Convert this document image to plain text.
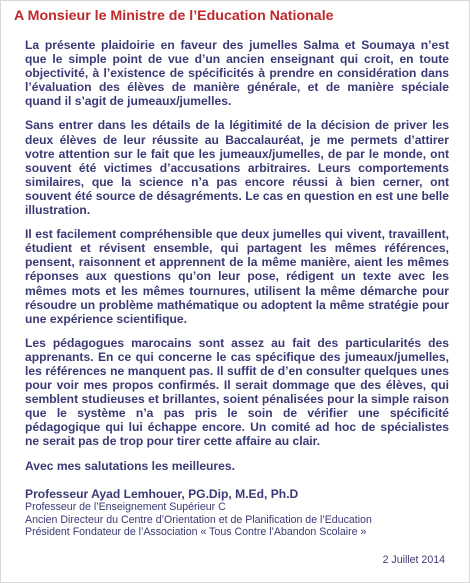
A Monsieur le Ministre de l’Education Nationale

La présente plaidoirie en faveur des jumelles Salma et Soumaya n’est que le simple point de vue d’un ancien enseignant qui croit, en toute objectivité, à l’existence de spécificités à prendre en considération dans l’évaluation des élèves de manière générale, et de manière spéciale quand il s’agit de jumeaux/jumelles.

Sans entrer dans les détails de la légitimité de la décision de priver les deux élèves de leur réussite au Baccalauréat, je me permets d’attirer votre attention sur le fait que les jumeaux/jumelles, de par le monde, ont souvent été victimes d’accusations arbitraires. Leurs comportements similaires, que la science n’a pas encore réussi à bien cerner, ont souvent été source de désagréments. Le cas en question en est une belle illustration.

Il est facilement compréhensible que deux jumelles qui vivent, travaillent, étudient et révisent ensemble, qui partagent les mêmes références, pensent, raisonnent et apprennent de la même manière, aient les mêmes réponses aux questions qu’on leur pose, rédigent un texte avec les mêmes mots et les mêmes tournures, utilisent la même démarche pour résoudre un problème mathématique ou adoptent la même stratégie pour une expérience scientifique.

Les pédagogues marocains sont assez au fait des particularités des apprenants. En ce qui concerne le cas spécifique des jumeaux/jumelles, les références ne manquent pas. Il suffit de d’en consulter quelques unes pour voir mes propos confirmés. Il serait dommage que des élèves, qui semblent studieuses et brillantes, soient pénalisées pour la simple raison que le système n’a pas pris le soin de vérifier une spécificité pédagogique qui lui échappe encore. Un comité ad hoc de spécialistes ne serait pas de trop pour tirer cette affaire au clair.

Avec mes salutations les meilleures.

Professeur Ayad Lemhouer, PG.Dip, M.Ed, Ph.D
Professeur de l’Enseignement Supérieur C
Ancien Directeur du Centre d’Orientation et de Planification de l’Education
Président Fondateur de l’Association « Tous Contre l’Abandon Scolaire »
2 Juillet 2014
